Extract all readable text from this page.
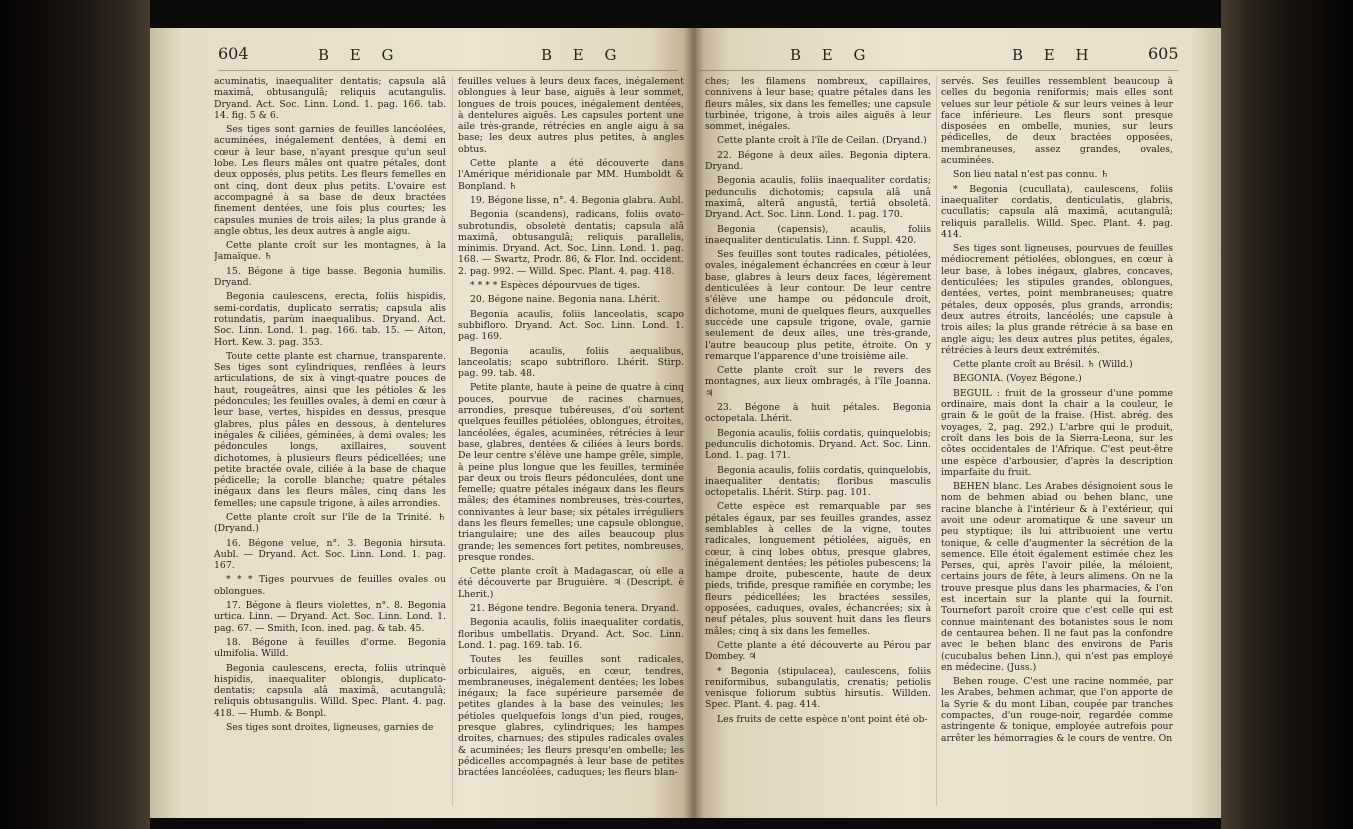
604	B E G	B E G	B E G	B E H	605

acuminatis, inaequaliter dentatis; capsula alâ maximâ, obtusangulâ; reliquis acutangulis. Dryand. Act. Soc. Linn. Lond. 1. pag. 166. tab. 14. fig. 5 & 6.

Ses tiges sont garnies de feuilles lancéolées, acuminées, inégalement dentées, à demi en cœur à leur base, n'ayant presque qu'un seul lobe. Les fleurs mâles ont quatre pétales, dont deux opposés, plus petits. Les fleurs femelles en ont cinq, dont deux plus petits. L'ovaire est accompagné à sa base de deux bractées finement dentées, une fois plus courtes; les capsules munies de trois ailes; la plus grande à angle obtus, les deux autres à angle aigu.

Cette plante croît sur les montagnes, à la Jamaïque. ♄

15. Bégone à tige basse. Begonia humilis. Dryand.

Begonia caulescens, erecta, foliis hispidis, semi-cordatis, duplicato serratis; capsula alis rotundatis, parùm inaequalibus. Dryand. Act. Soc. Linn. Lond. 1. pag. 166. tab. 15. — Aiton, Hort. Kew. 3. pag. 353.

Toute cette plante est charnue, transparente. Ses tiges sont cylindriques, renflées à leurs articulations, de six à vingt-quatre pouces de haut, rougeâtres, ainsi que les pétioles & les pédoncules; les feuilles ovales, à demi en cœur à leur base, vertes, hispides en dessus, presque glabres, plus pâles en dessous, à dentelures inégales & ciliées, géminées, à demi ovales; les pédoncules longs, axillaires, souvent dichotomes, à plusieurs fleurs pédicellées; une petite bractée ovale, ciliée à la base de chaque pédicelle; la corolle blanche; quatre pétales inégaux dans les fleurs mâles, cinq dans les femelles; une capsule trigone, à ailes arrondies.

Cette plante croît sur l'île de la Trinité. ♄ (Dryand.)

16. Bégone velue, n°. 3. Begonia hirsuta. Aubl. — Dryand. Act. Soc. Linn. Lond. 1. pag. 167.

* * * Tiges pourvues de feuilles ovales ou oblongues.

17. Bégone à fleurs violettes, n°. 8. Begonia urtica. Linn. — Dryand. Act. Soc. Linn. Lond. 1. pag. 67. — Smith, Icon. ined. pag. & tab. 45.

18. Bégone à feuilles d'orme. Begonia ulmifolia. Willd.

Begonia caulescens, erecta, foliis utrinquè hispidis, inaequaliter oblongis, duplicato-dentatis; capsula alâ maximâ, acutangulâ; reliquis obtusangulis. Willd. Spec. Plant. 4. pag. 418. — Humb. & Bonpl.

Ses tiges sont droites, ligneuses, garnies de

feuilles velues à leurs deux faces, inégalement oblongues à leur base, aiguës à leur sommet, longues de trois pouces, inégalement dentées, à dentelures aiguës. Les capsules portent une aile très-grande, rétrécies en angle aigu à sa base; les deux autres plus petites, à angles obtus.

Cette plante a été découverte dans l'Amérique méridionale par MM. Humboldt & Bonpland. ♄

19. Bégone lisse, n°. 4. Begonia glabra. Aubl.

Begonia (scandens), radicans, foliis ovato-subrotundis, obsoletè dentatis; capsula alâ maximâ, obtusangulâ; reliquis parallelis, minimis. Dryand. Act. Soc. Linn. Lond. 1. pag. 168. — Swartz, Prodr. 86, & Flor. Ind. occident. 2. pag. 992. — Willd. Spec. Plant. 4. pag. 418.

* * * * Espèces dépourvues de tiges.

20. Bégone naine. Begonia nana. Lhérit.

Begonia acaulis, foliis lanceolatis, scapo subbifloro. Dryand. Act. Soc. Linn. Lond. 1. pag. 169.

Begonia acaulis, foliis aequalibus, lanceolatis; scapo subtrifloro. Lhérit. Stirp. pag. 99. tab. 48.

Petite plante, haute à peine de quatre à cinq pouces, pourvue de racines charnues, arrondies, presque tubéreuses, d'où sortent quelques feuilles pétiolées, oblongues, étroites, lancéolées, égales, acuminées, rétrécies à leur base, glabres, dentées & ciliées à leurs bords. De leur centre s'élève une hampe grêle, simple, à peine plus longue que les feuilles, terminée par deux ou trois fleurs pédonculées, dont une femelle; quatre pétales inégaux dans les fleurs mâles; des étamines nombreuses, très-courtes, connivantes à leur base; six pétales irréguliers dans les fleurs femelles; une capsule oblongue, triangulaire; une des ailes beaucoup plus grande; les semences fort petites, nombreuses, presque rondes.

Cette plante croît à Madagascar, où elle a été découverte par Bruguière. ♃ (Descript. è Lherit.)

21. Bégone tendre. Begonia tenera. Dryand.

Begonia acaulis, foliis inaequaliter cordatis, floribus umbellatis. Dryand. Act. Soc. Linn. Lond. 1. pag. 169. tab. 16.

Toutes les feuilles sont radicales, orbiculaires, aiguës, en cœur, tendres, membraneuses, inégalement dentées; les lobes inégaux; la face supérieure parsemée de petites glandes à la base des veinules; les pétioles quelquefois longs d'un pied, rouges, presque glabres, cylindriques; les hampes droites, charnues; des stipules radicales ovales & acuminées; les fleurs presqu'en ombelle; les pédicelles accompagnés à leur base de petites bractées lancéolées, caduques; les fleurs blan-

ches; les filamens nombreux, capillaires, connivens à leur base; quatre pétales dans les fleurs mâles, six dans les femelles; une capsule turbinée, trigone, à trois ailes aiguës à leur sommet, inégales.

Cette plante croît à l'île de Ceilan. (Dryand.)

22. Bégone à deux ailes. Begonia diptera. Dryand.

Begonia acaulis, foliis inaequaliter cordatis; pedunculis dichotomis; capsula alâ unâ maximâ, alterâ angustâ, tertiâ obsoletâ. Dryand. Act. Soc. Linn. Lond. 1. pag. 170.

Begonia (capensis), acaulis, foliis inaequaliter denticulatis. Linn. f. Suppl. 420.

Ses feuilles sont toutes radicales, pétiolées, ovales, inégalement échancrées en cœur à leur base, glabres à leurs deux faces, légèrement denticulées à leur contour. De leur centre s'élève une hampe ou pédoncule droit, dichotome, muni de quelques fleurs, auxquelles succède une capsule trigone, ovale, garnie seulement de deux ailes, une très-grande, l'autre beaucoup plus petite, étroite. On y remarque l'apparence d'une troisième aile.

Cette plante croît sur le revers des montagnes, aux lieux ombragés, à l'île Joanna. ♃

23. Bégone à huit pétales. Begonia octopetala. Lhérit.

Begonia acaulis, foliis cordatis, quinquelobis; pedunculis dichotomis. Dryand. Act. Soc. Linn. Lond. 1. pag. 171.

Begonia acaulis, foliis cordatis, quinquelobis, inaequaliter dentatis; floribus masculis octopetalis. Lhérit. Stirp. pag. 101.

Cette espèce est remarquable par ses pétales égaux, par ses feuilles grandes, assez semblables à celles de la vigne, toutes radicales, longuement pétiolées, aiguës, en cœur, à cinq lobes obtus, presque glabres, inégalement dentées; les pétioles pubescens; la hampe droite, pubescente, haute de deux pieds, trifide, presque ramifiée en corymbe; les fleurs pédicellées; les bractées sessiles, opposées, caduques, ovales, échancrées; six à neuf pétales, plus souvent huit dans les fleurs mâles; cinq à six dans les femelles.

Cette plante a été découverte au Pérou par Dombey. ♃

* Begonia (stipulacea), caulescens, foliis reniformibus, subangulatis, crenatis; petiolis venisque foliorum subtùs hirsutis. Willden. Spec. Plant. 4. pag. 414.

Les fruits de cette espèce n'ont point été ob-

servés. Ses feuilles ressemblent beaucoup à celles du begonia reniformis; mais elles sont velues sur leur pétiole & sur leurs veines à leur face inférieure. Les fleurs sont presque disposées en ombelle, munies, sur leurs pédicelles, de deux bractées opposées, membraneuses, assez grandes, ovales, acuminées.

Son lieu natal n'est pas connu. ♄

* Begonia (cucullata), caulescens, foliis inaequaliter cordatis, denticulatis, glabris, cucullatis; capsula alâ maximâ, acutangulâ; reliquis parallelis. Willd. Spec. Plant. 4. pag. 414.

Ses tiges sont ligneuses, pourvues de feuilles médiocrement pétiolées, oblongues, en cœur à leur base, à lobes inégaux, glabres, concaves, denticulées; les stipules grandes, oblongues, dentées, vertes, point membraneuses; quatre pétales, deux opposés, plus grands, arrondis; deux autres étroits, lancéolés; une capsule à trois ailes; la plus grande rétrécie à sa base en angle aigu; les deux autres plus petites, égales, rétrécies à leurs deux extrémités.

Cette plante croît au Brésil. ♄ (Willd.)

BEGONIA. (Voyez Bégone.)

BEGUIL : fruit de la grosseur d'une pomme ordinaire, mais dont la chair a la couleur, le grain & le goût de la fraise. (Hist. abrég. des voyages, 2, pag. 292.) L'arbre qui le produit, croît dans les bois de la Sierra-Leona, sur les côtes occidentales de l'Afrique. C'est peut-être une espèce d'arbousier, d'après la description imparfaite du fruit.

BEHEN blanc. Les Arabes désignoient sous le nom de behmen abiad ou behen blanc, une racine blanche à l'intérieur & à l'extérieur, qui avoit une odeur aromatique & une saveur un peu styptique; ils lui attribuoient une vertu tonique, & celle d'augmenter la sécrétion de la semence. Elle étoit également estimée chez les Perses, qui, après l'avoir pilée, la méloient, certains jours de fête, à leurs alimens. On ne la trouve presque plus dans les pharmacies, & l'on est incertain sur la plante qui la fournit. Tournefort paroît croire que c'est celle qui est connue maintenant des botanistes sous le nom de centaurea behen. Il ne faut pas la confondre avec le behen blanc des environs de Paris (cucubalus behen Linn.), qui n'est pas employé en médecine. (Juss.)

Behen rouge. C'est une racine nommée, par les Arabes, behmen achmar, que l'on apporte de la Syrie & du mont Liban, coupée par tranches compactes, d'un rouge-noir, regardée comme astringente & tonique, employée autrefois pour arrêter les hémorragies & le cours de ventre. On
